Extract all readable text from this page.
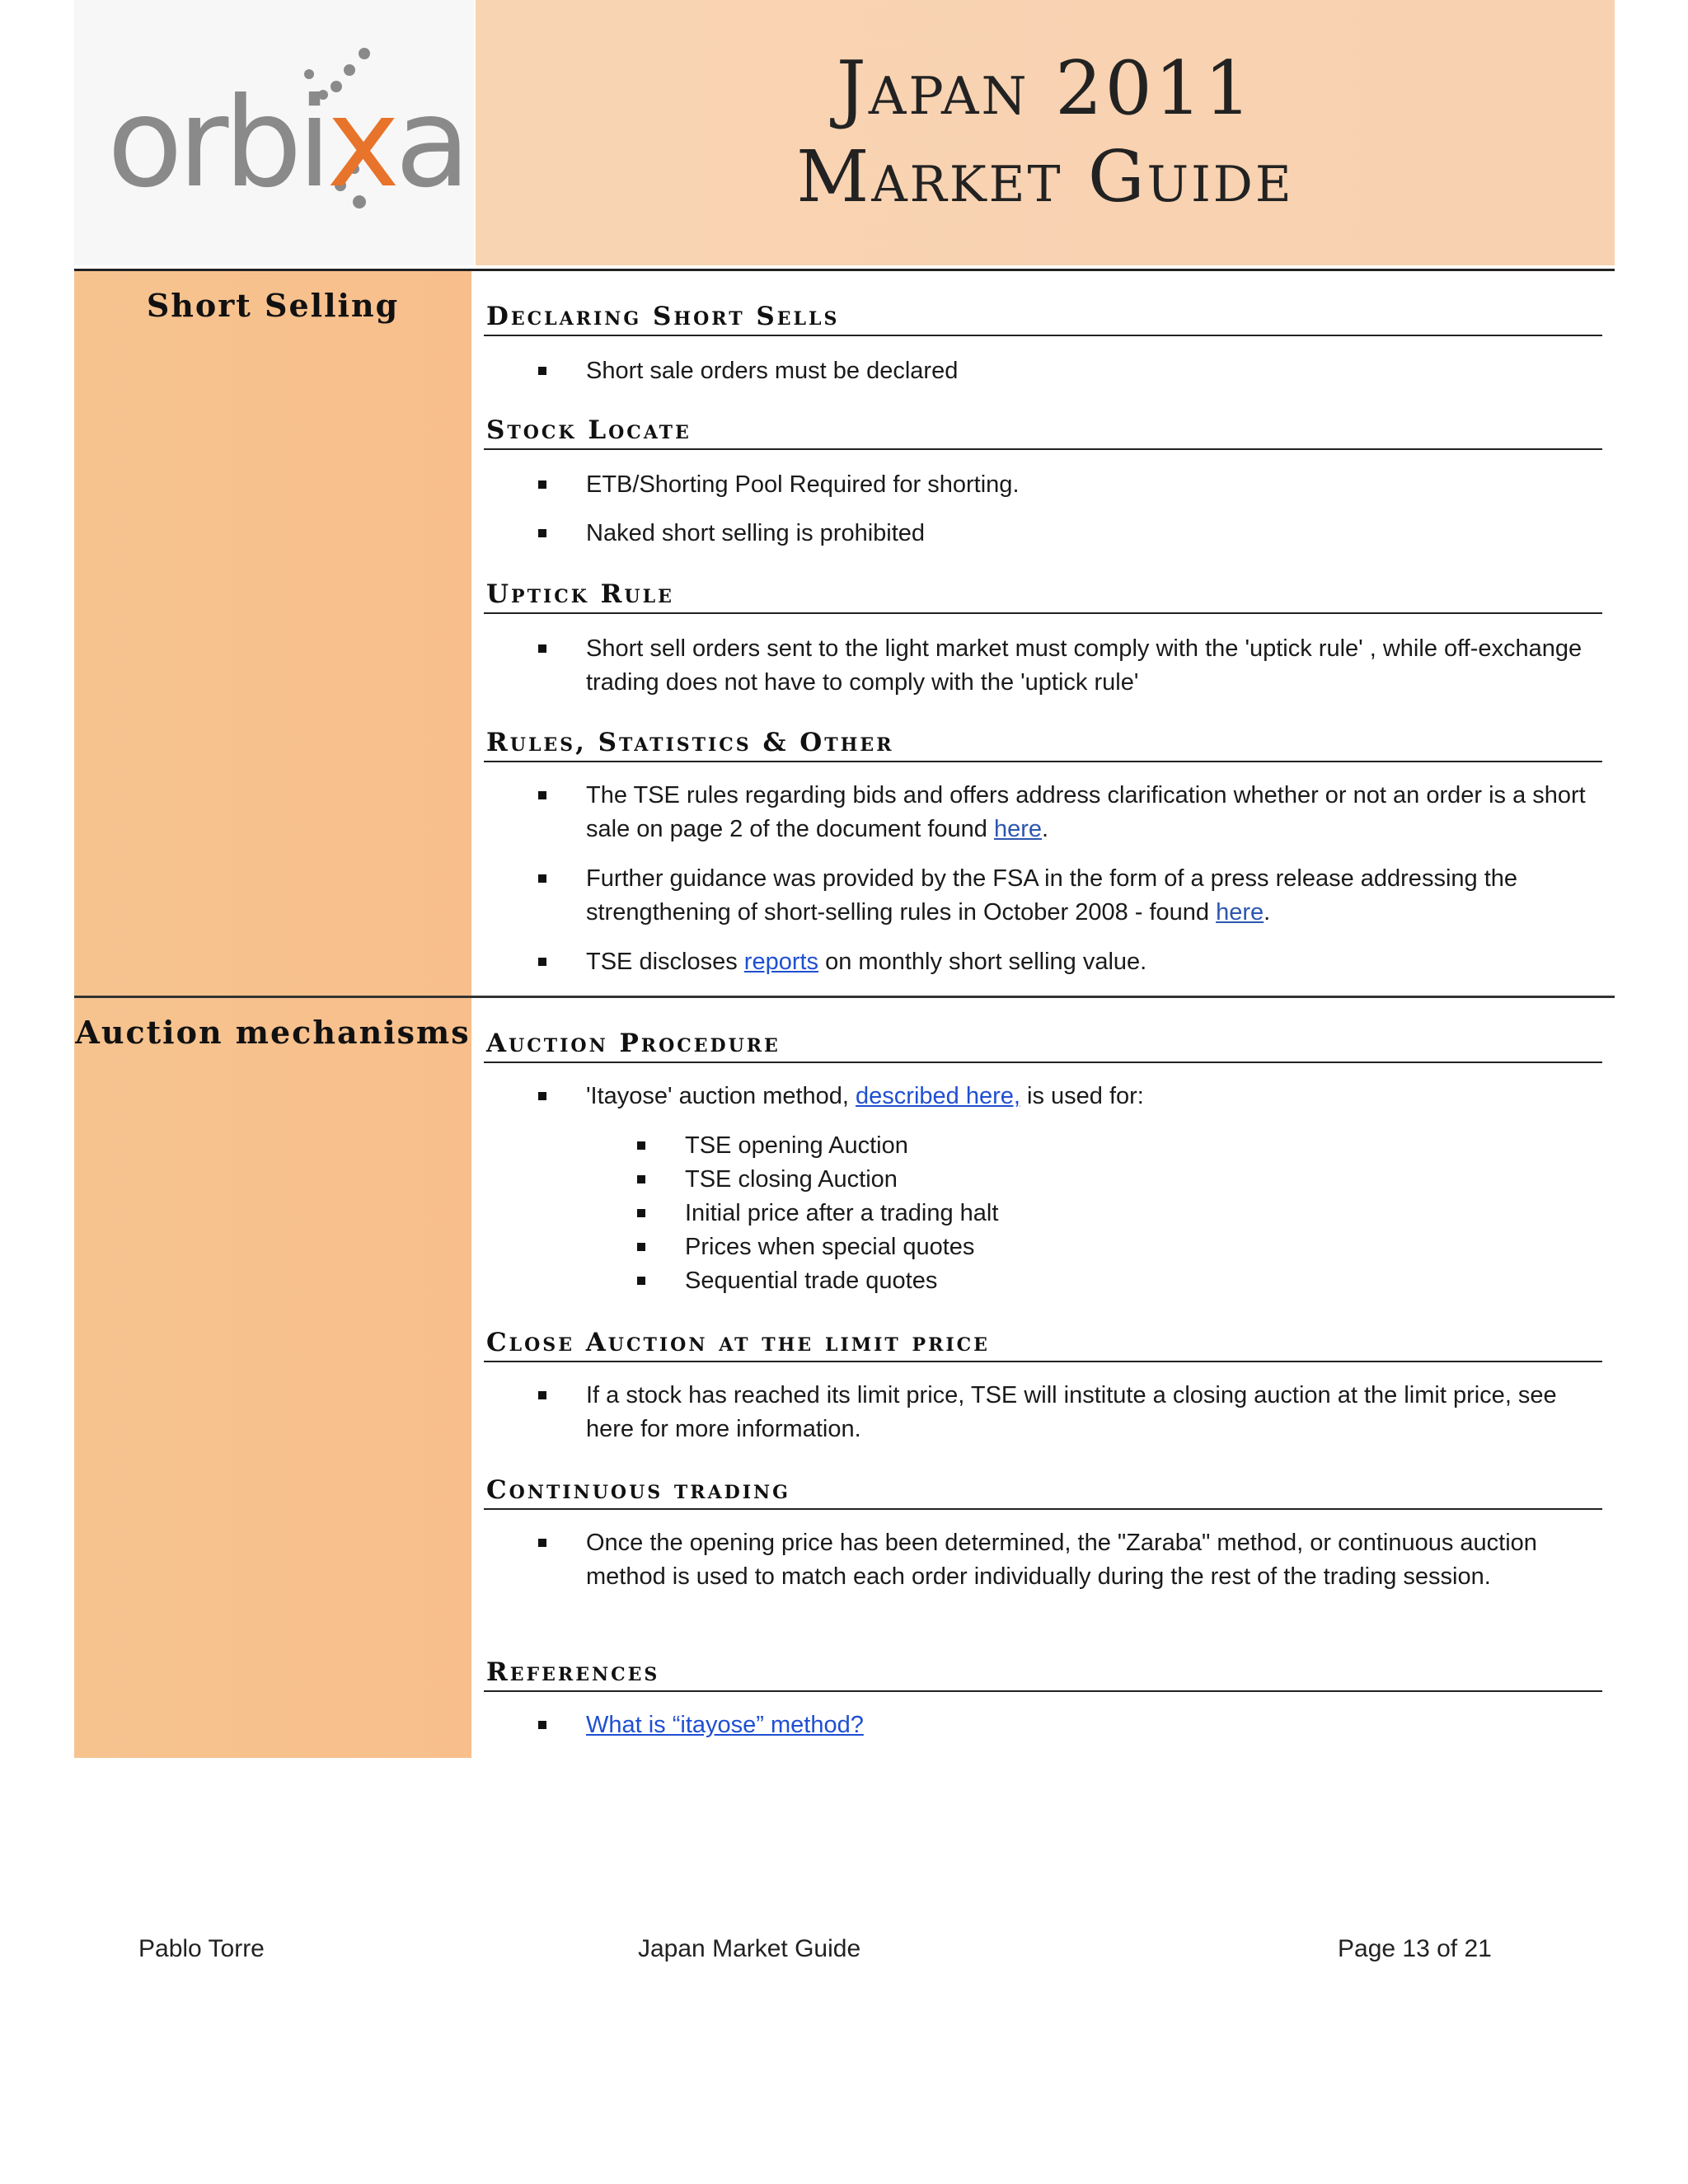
orbixa	Japan 2011
Market Guide
Short Selling
Auction mechanisms
Declaring Short Sells
Short sale orders must be declared
Stock Locate
ETB/Shorting Pool Required for shorting.
Naked short selling is prohibited
Uptick Rule
Short sell orders sent to the light market must comply with the 'uptick rule' , while off-exchange trading does not have to comply with the 'uptick rule'
Rules, Statistics & Other
The TSE rules regarding bids and offers address clarification whether or not an order is a short sale on page 2 of the document found here.
Further guidance was provided by the FSA in the form of a press release addressing the strengthening of short-selling rules in October 2008 - found here.
TSE discloses reports on monthly short selling value.
Auction Procedure
'Itayose' auction method, described here, is used for:
TSE opening Auction
TSE closing Auction
Initial price after a trading halt
Prices when special quotes
Sequential trade quotes
Close Auction at the limit price
If a stock has reached its limit price, TSE will institute a closing auction at the limit price, see here for more information.
Continuous trading
Once the opening price has been determined, the "Zaraba" method, or continuous auction method is used to match each order individually during the rest of the trading session.
References
What is “itayose” method?
Pablo Torre	Japan Market Guide	Page 13 of 21
